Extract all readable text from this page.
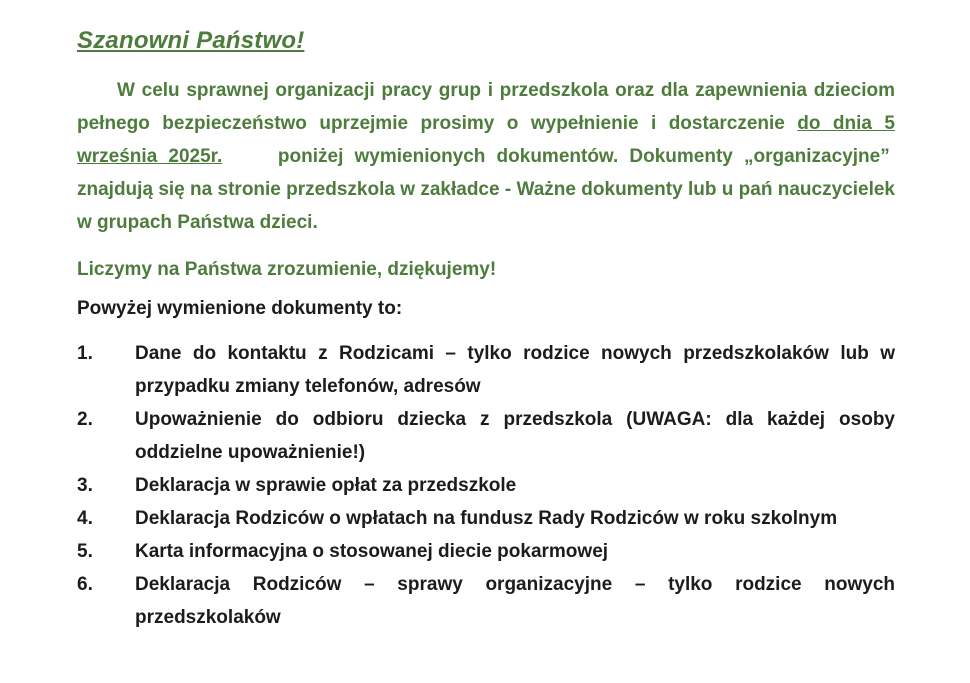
Szanowni Państwo!

W celu sprawnej organizacji pracy grup i przedszkola oraz dla zapewnienia dzieciom pełnego bezpieczeństwo uprzejmie prosimy o wypełnienie i dostarczenie do dnia 5 września 2025r.     poniżej wymienionych dokumentów. Dokumenty „organizacyjne”  znajdują się na stronie przedszkola w zakładce - Ważne dokumenty lub u pań nauczycielek w grupach Państwa dzieci.

Liczymy na Państwa zrozumienie, dziękujemy!

Powyżej wymienione dokumenty to:

1.	Dane do kontaktu z Rodzicami – tylko rodzice nowych przedszkolaków lub w przypadku zmiany telefonów, adresów
2.	Upoważnienie do odbioru dziecka z przedszkola (UWAGA: dla każdej osoby oddzielne upoważnienie!)
3.	Deklaracja w sprawie opłat za przedszkole
4.	Deklaracja Rodziców o wpłatach na fundusz Rady Rodziców w roku szkolnym
5.	Karta informacyjna o stosowanej diecie pokarmowej
6.	Deklaracja Rodziców – sprawy organizacyjne – tylko rodzice nowych przedszkolaków
